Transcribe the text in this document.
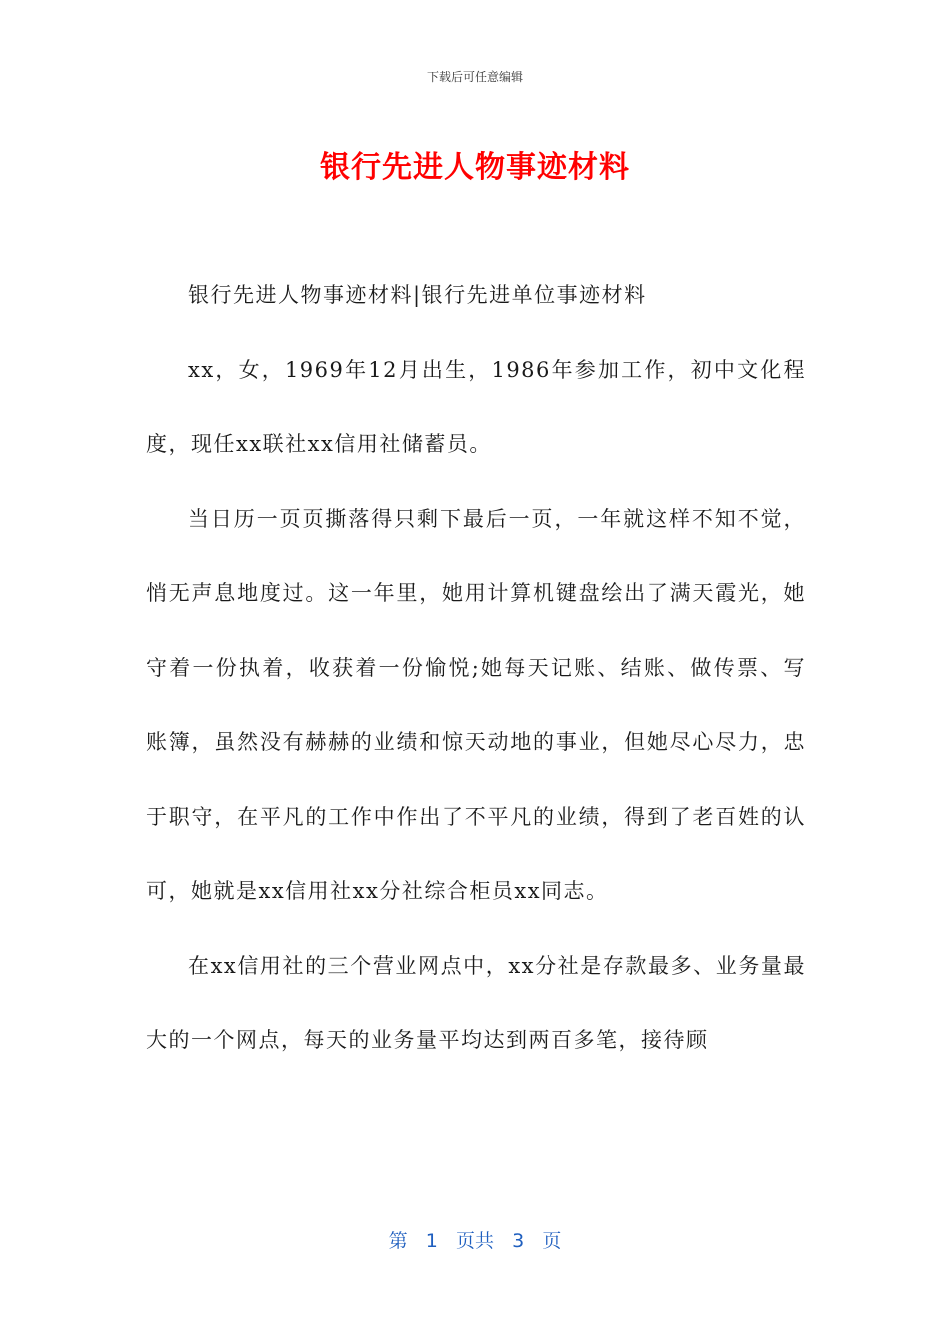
下载后可任意编辑
银行先进人物事迹材料

银行先进人物事迹材料|银行先进单位事迹材料

xx，女，1969年12月出生，1986年参加工作，初中文化程度，现任xx联社xx信用社储蓄员。

当日历一页页撕落得只剩下最后一页，一年就这样不知不觉，悄无声息地度过。这一年里，她用计算机键盘绘出了满天霞光，她守着一份执着，收获着一份愉悦;她每天记账、结账、做传票、写账簿，虽然没有赫赫的业绩和惊天动地的事业，但她尽心尽力，忠于职守，在平凡的工作中作出了不平凡的业绩，得到了老百姓的认可，她就是xx信用社xx分社综合柜员xx同志。

在xx信用社的三个营业网点中，xx分社是存款最多、业务量最大的一个网点，每天的业务量平均达到两百多笔，接待顾

第 1 页共 3 页
